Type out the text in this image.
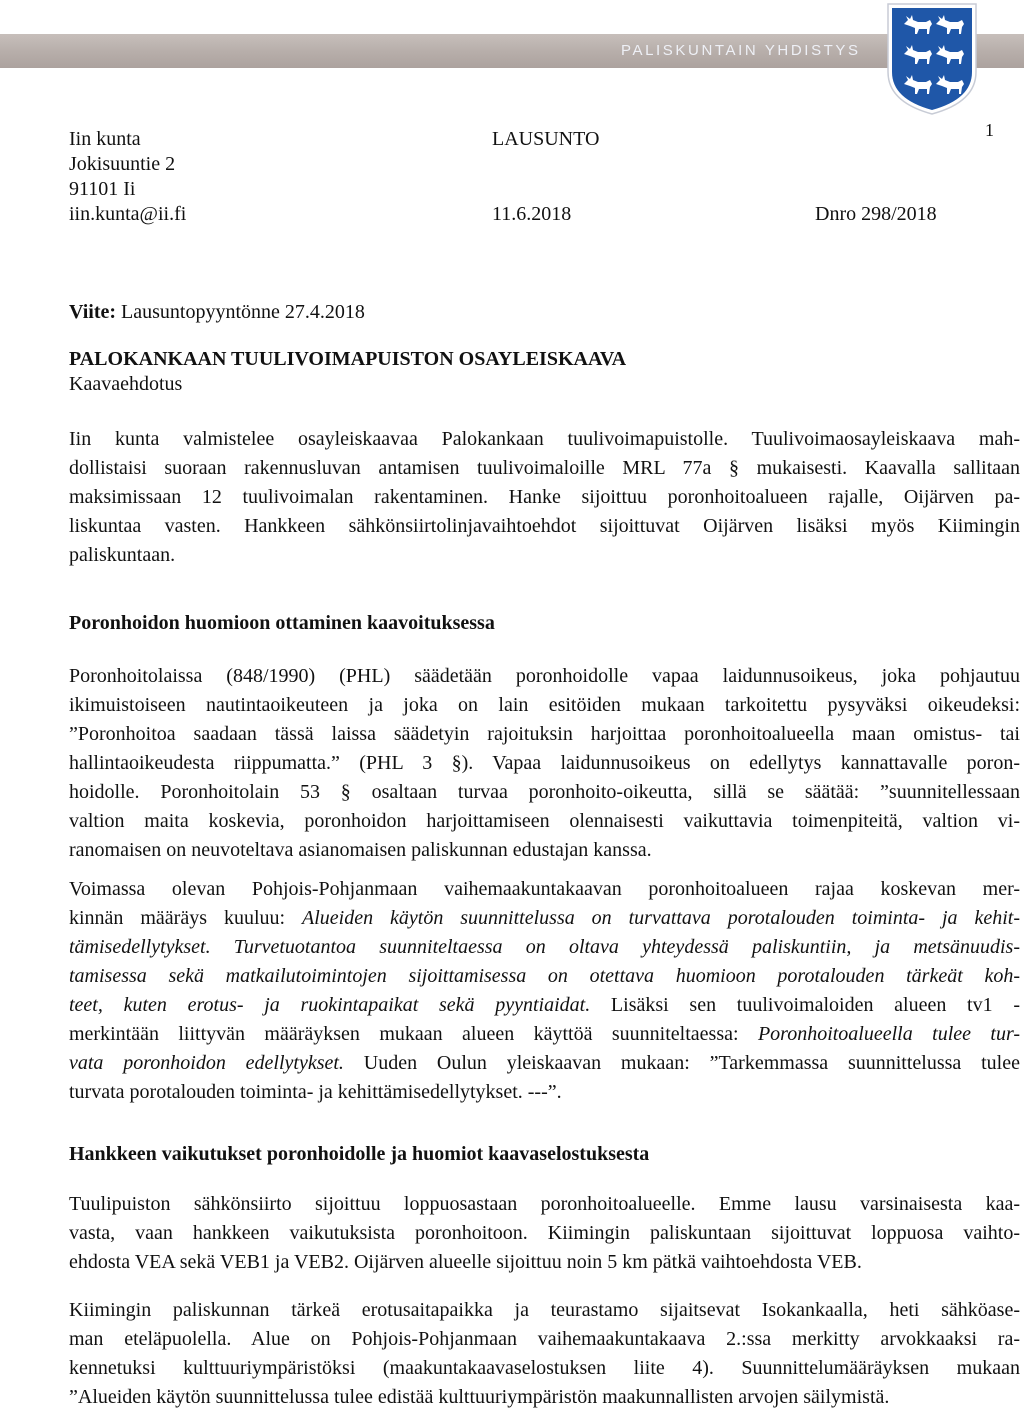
PALISKUNTAIN YHDISTYS
1
Iin kunta
Jokisuuntie 2
91101 Ii
iin.kunta@ii.fi
LAUSUNTO
11.6.2018	Dnro 298/2018
Viite: Lausuntopyyntönne 27.4.2018
PALOKANKAAN TUULIVOIMAPUISTON OSAYLEISKAAVA
Kaavaehdotus
Iin kunta valmistelee osayleiskaavaa Palokankaan tuulivoimapuistolle. Tuulivoimaosayleiskaava mah-
dollistaisi suoraan rakennusluvan antamisen tuulivoimaloille MRL 77a § mukaisesti. Kaavalla sallitaan
maksimissaan 12 tuulivoimalan rakentaminen. Hanke sijoittuu poronhoitoalueen rajalle, Oijärven pa-
liskuntaa vasten. Hankkeen sähkönsiirtolinjavaihtoehdot sijoittuvat Oijärven lisäksi myös Kiimingin
paliskuntaan.
Poronhoidon huomioon ottaminen kaavoituksessa
Poronhoitolaissa (848/1990) (PHL) säädetään poronhoidolle vapaa laidunnusoikeus, joka pohjautuu
ikimuistoiseen nautintaoikeuteen ja joka on lain esitöiden mukaan tarkoitettu pysyväksi oikeudeksi:
”Poronhoitoa saadaan tässä laissa säädetyin rajoituksin harjoittaa poronhoitoalueella maan omistus- tai
hallintaoikeudesta riippumatta.” (PHL 3 §). Vapaa laidunnusoikeus on edellytys kannattavalle poron-
hoidolle. Poronhoitolain 53 § osaltaan turvaa poronhoito-oikeutta, sillä se säätää: ”suunnitellessaan
valtion maita koskevia, poronhoidon harjoittamiseen olennaisesti vaikuttavia toimenpiteitä, valtion vi-
ranomaisen on neuvoteltava asianomaisen paliskunnan edustajan kanssa.
Voimassa olevan Pohjois-Pohjanmaan vaihemaakuntakaavan poronhoitoalueen rajaa koskevan mer-
kinnän määräys kuuluu: Alueiden käytön suunnittelussa on turvattava porotalouden toiminta- ja kehit-
tämisedellytykset. Turvetuotantoa suunniteltaessa on oltava yhteydessä paliskuntiin, ja metsänuudis-
tamisessa sekä matkailutoimintojen sijoittamisessa on otettava huomioon porotalouden tärkeät koh-
teet, kuten erotus- ja ruokintapaikat sekä pyyntiaidat. Lisäksi sen tuulivoimaloiden alueen tv1 -
merkintään liittyvän määräyksen mukaan alueen käyttöä suunniteltaessa: Poronhoitoalueella tulee tur-
vata poronhoidon edellytykset. Uuden Oulun yleiskaavan mukaan: ”Tarkemmassa suunnittelussa tulee
turvata porotalouden toiminta- ja kehittämisedellytykset. ---”.
Hankkeen vaikutukset poronhoidolle ja huomiot kaavaselostuksesta
Tuulipuiston sähkönsiirto sijoittuu loppuosastaan poronhoitoalueelle. Emme lausu varsinaisesta kaa-
vasta, vaan hankkeen vaikutuksista poronhoitoon. Kiimingin paliskuntaan sijoittuvat loppuosa vaihto-
ehdosta VEA sekä VEB1 ja VEB2. Oijärven alueelle sijoittuu noin 5 km pätkä vaihtoehdosta VEB.
Kiimingin paliskunnan tärkeä erotusaitapaikka ja teurastamo sijaitsevat Isokankaalla, heti sähköase-
man eteläpuolella. Alue on Pohjois-Pohjanmaan vaihemaakuntakaava 2.:ssa merkitty arvokkaaksi ra-
kennetuksi kulttuuriympäristöksi (maakuntakaavaselostuksen liite 4). Suunnittelumääräyksen mukaan
”Alueiden käytön suunnittelussa tulee edistää kulttuuriympäristön maakunnallisten arvojen säilymistä.
